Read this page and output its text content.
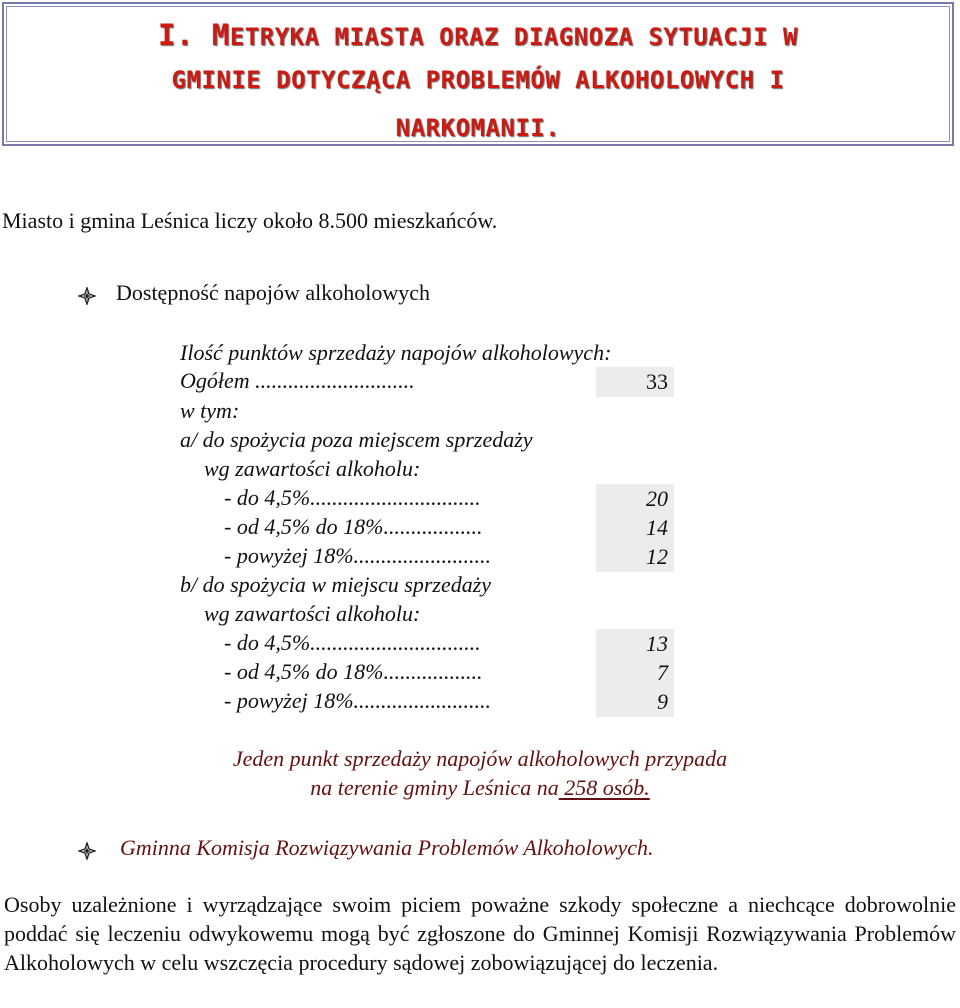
I. METRYKA MIASTA ORAZ DIAGNOZA SYTUACJI W
GMINIE DOTYCZĄCA PROBLEMÓW ALKOHOLOWYCH I
NARKOMANII.
Miasto i gmina Leśnica liczy około 8.500 mieszkańców.
Dostępność napojów alkoholowych
Ilość punktów sprzedaży napojów alkoholowych:
Ogółem .............................	33
w tym:
a/ do spożycia poza miejscem sprzedaży
wg zawartości alkoholu:
- do 4,5%...............................	20
- od 4,5% do 18%..................	14
- powyżej 18%.........................	12
b/ do spożycia w miejscu sprzedaży
wg zawartości alkoholu:
- do 4,5%...............................	13
- od 4,5% do 18%..................	7
- powyżej 18%.........................	9
Jeden punkt sprzedaży napojów alkoholowych przypada
na terenie gminy Leśnica na 258 osób.
Gminna Komisja Rozwiązywania Problemów Alkoholowych.
Osoby uzależnione i wyrządzające swoim piciem poważne szkody społeczne a niechcące dobrowolnie poddać się leczeniu odwykowemu mogą być zgłoszone do Gminnej Komisji Rozwiązywania Problemów Alkoholowych w celu wszczęcia procedury sądowej zobowiązującej do leczenia.
